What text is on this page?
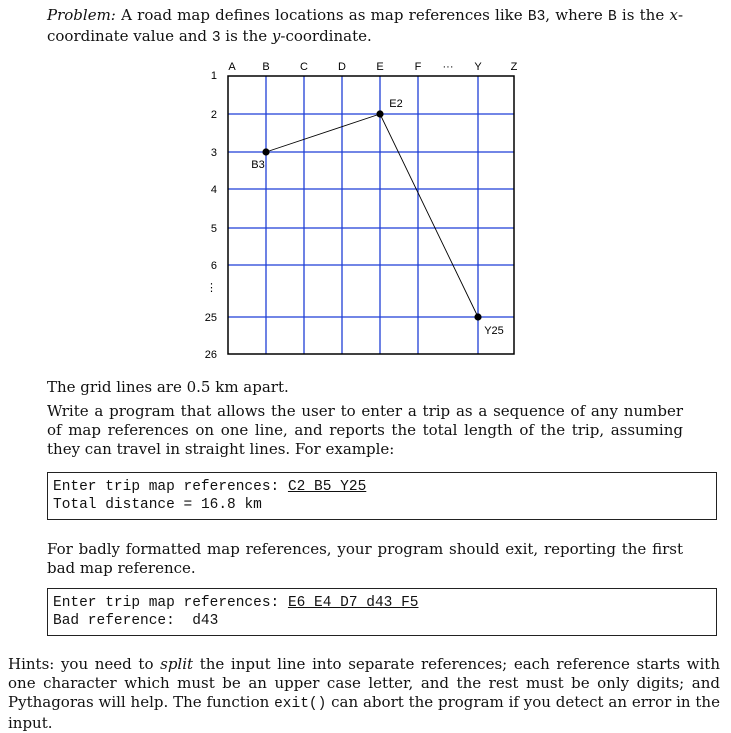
Problem: A road map defines locations as map references like B3, where B is the x-coordinate value and 3 is the y-coordinate.

A B	C	D	E	F ··· Y	Z
1
2
3
4
5
6
⋮
25
26
B3
E2
Y25

The grid lines are 0.5 km apart.

Write a program that allows the user to enter a trip as a sequence of any number of map references on one line, and reports the total length of the trip, assuming they can travel in straight lines. For example:

Enter trip map references: C2 B5 Y25
Total distance = 16.8 km

For badly formatted map references, your program should exit, reporting the first bad map reference.

Enter trip map references: E6 E4 D7 d43 F5
Bad reference:  d43

Hints: you need to split the input line into separate references; each reference starts with one character which must be an upper case letter, and the rest must be only digits; and Pythagoras will help. The function exit() can abort the program if you detect an error in the input.
